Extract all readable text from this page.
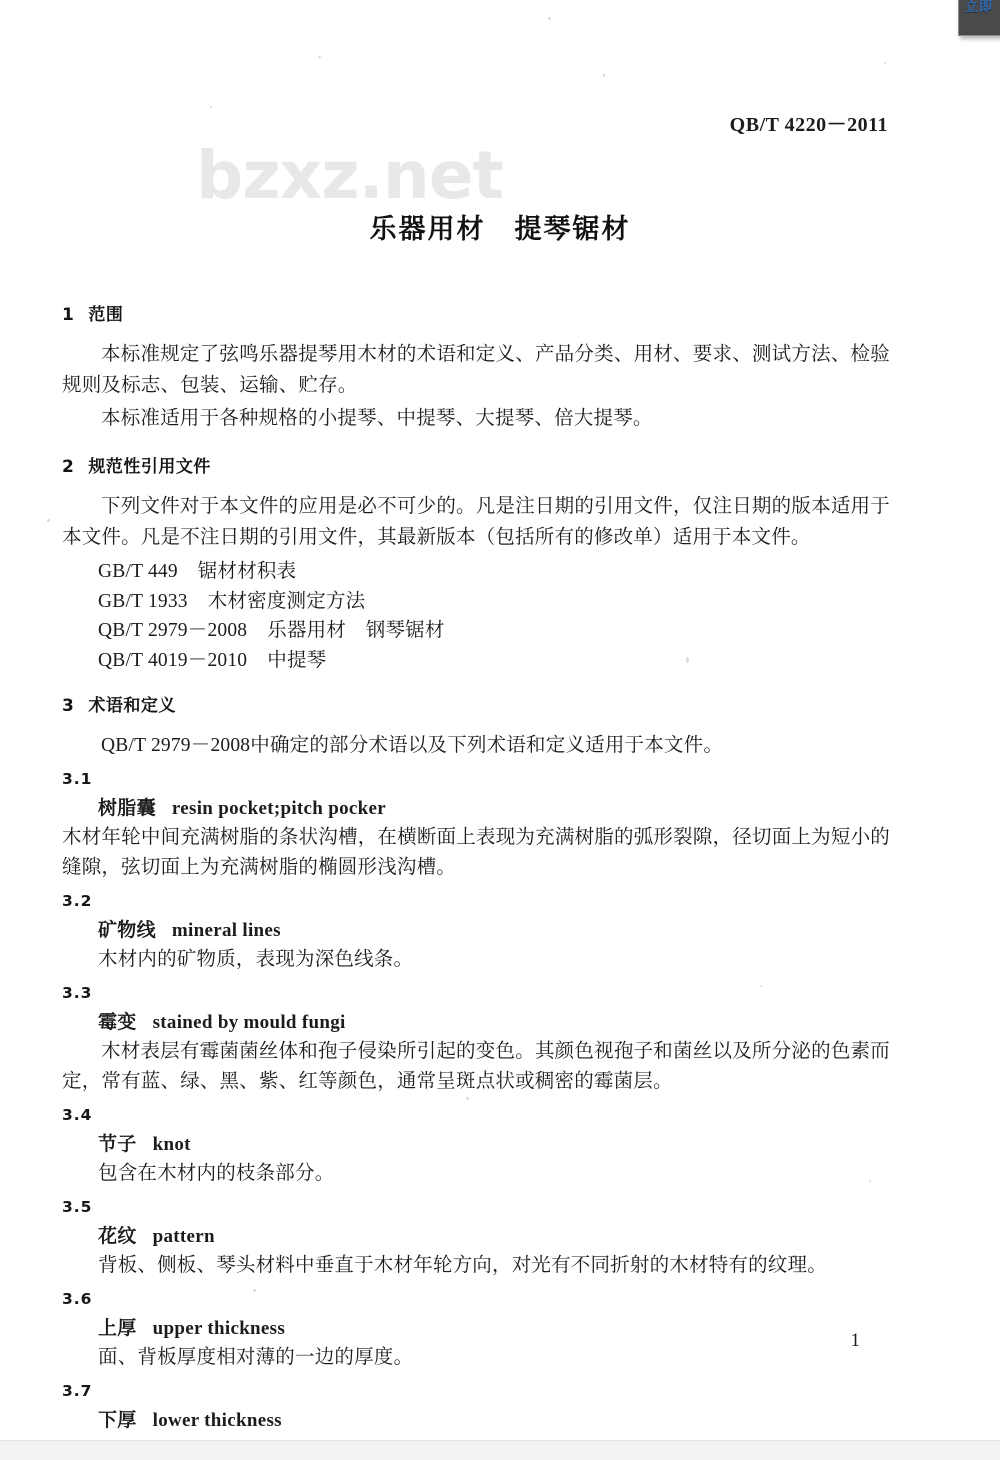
bzxz.net
QB/T 4220－2011
乐器用材　提琴锯材
1 范围

本标准规定了弦鸣乐器提琴用木材的术语和定义、产品分类、用材、要求、测试方法、检验规则及标志、包装、运输、贮存。

本标准适用于各种规格的小提琴、中提琴、大提琴、倍大提琴。

2 规范性引用文件

下列文件对于本文件的应用是必不可少的。凡是注日期的引用文件，仅注日期的版本适用于本文件。凡是不注日期的引用文件，其最新版本（包括所有的修改单）适用于本文件。

GB/T 449 锯材材积表
GB/T 1933 木材密度测定方法
QB/T 2979－2008 乐器用材　钢琴锯材
QB/T 4019－2010 中提琴
3 术语和定义

QB/T 2979－2008中确定的部分术语以及下列术语和定义适用于本文件。

3.1
树脂囊 resin pocket;pitch pocker

木材年轮中间充满树脂的条状沟槽，在横断面上表现为充满树脂的弧形裂隙，径切面上为短小的缝隙，弦切面上为充满树脂的椭圆形浅沟槽。

3.2
矿物线 mineral lines

木材内的矿物质，表现为深色线条。

3.3
霉变 stained by mould fungi

木材表层有霉菌菌丝体和孢子侵染所引起的变色。其颜色视孢子和菌丝以及所分泌的色素而定，常有蓝、绿、黑、紫、红等颜色，通常呈斑点状或稠密的霉菌层。

3.4
节子 knot

包含在木材内的枝条部分。

3.5
花纹 pattern

背板、侧板、琴头材料中垂直于木材年轮方向，对光有不同折射的木材特有的纹理。

3.6
上厚 upper thickness

面、背板厚度相对薄的一边的厚度。

3.7
下厚 lower thickness
1
立即
